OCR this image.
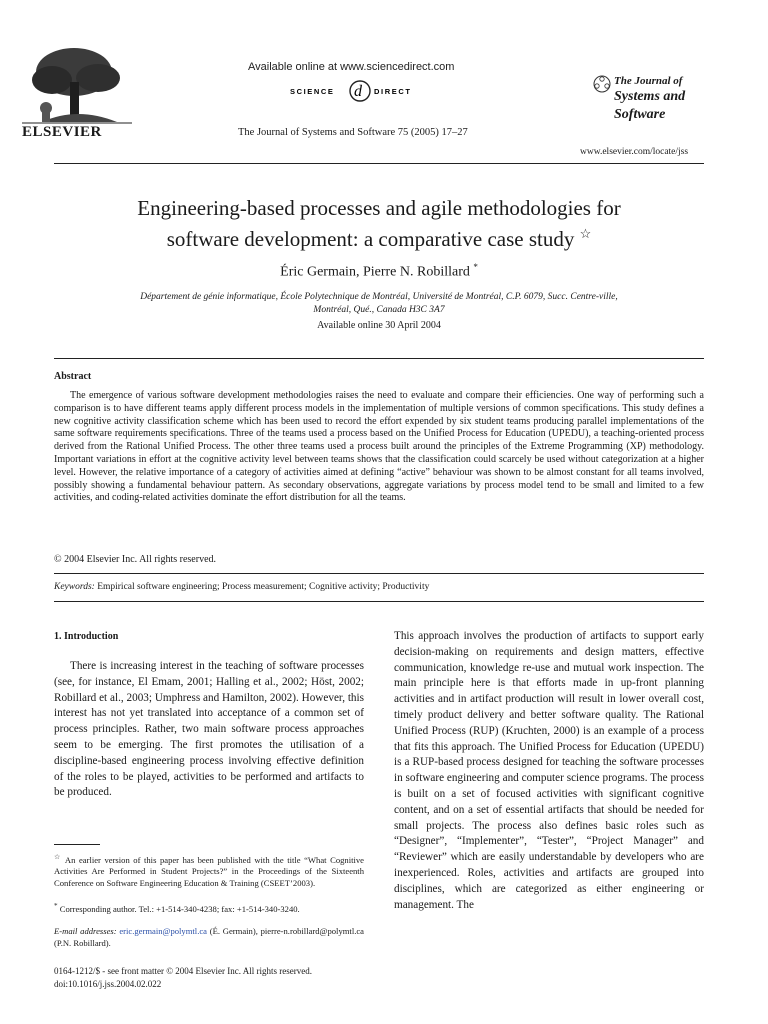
ELSEVIER
Available online at www.sciencedirect.com
SCIENCE d DIRECT
The Journal of Systems and Software 75 (2005) 17–27
The Journal of
Systems and
Software
www.elsevier.com/locate/jss
Engineering-based processes and agile methodologies for
software development: a comparative case study ☆
Éric Germain, Pierre N. Robillard *
Département de génie informatique, École Polytechnique de Montréal, Université de Montréal, C.P. 6079, Succ. Centre-ville,
Montréal, Qué., Canada H3C 3A7
Available online 30 April 2004
Abstract
The emergence of various software development methodologies raises the need to evaluate and compare their efficiencies. One way of performing such a comparison is to have different teams apply different process models in the implementation of multiple versions of common specifications. This study defines a new cognitive activity classification scheme which has been used to record the effort expended by six student teams producing parallel implementations of the same software requirements specifications. Three of the teams used a process based on the Unified Process for Education (UPEDU), a teaching-oriented process derived from the Rational Unified Process. The other three teams used a process built around the principles of the Extreme Programming (XP) methodology. Important variations in effort at the cognitive activity level between teams shows that the classification could scarcely be used without categorization at a higher level. However, the relative importance of a category of activities aimed at defining “active” behaviour was shown to be almost constant for all teams involved, possibly showing a fundamental behaviour pattern. As secondary observations, aggregate variations by process model tend to be small and limited to a few activities, and coding-related activities dominate the effort distribution for all the teams.
© 2004 Elsevier Inc. All rights reserved.
Keywords: Empirical software engineering; Process measurement; Cognitive activity; Productivity
1. Introduction
There is increasing interest in the teaching of software processes (see, for instance, El Emam, 2001; Halling et al., 2002; Höst, 2002; Robillard et al., 2003; Umphress and Hamilton, 2002). However, this interest has not yet translated into acceptance of a common set of process principles. Rather, two main software process approaches seem to be emerging. The first promotes the utilisation of a discipline-based engineering process involving effective definition of the roles to be played, activities to be performed and artifacts to be produced.
This approach involves the production of artifacts to support early decision-making on requirements and design matters, effective communication, knowledge re-use and mutual work inspection. The main principle here is that efforts made in up-front planning activities and in artifact production will result in lower overall cost, timely product delivery and better software quality. The Rational Unified Process (RUP) (Kruchten, 2000) is an example of a process that fits this approach. The Unified Process for Education (UPEDU) is a RUP-based process designed for teaching the software processes in software engineering and computer science programs. The process is built on a set of focused activities with significant cognitive content, and on a set of essential artifacts that should be needed for small projects. The process also defines basic roles such as “Designer”, “Implementer”, “Tester”, “Project Manager” and “Reviewer” which are easily understandable by developers who are inexperienced. Roles, activities and artifacts are grouped into disciplines, which are categorized as either engineering or management. The
☆ An earlier version of this paper has been published with the title “What Cognitive Activities Are Performed in Student Projects?” in the Proceedings of the Sixteenth Conference on Software Engineering Education & Training (CSEET’2003).
* Corresponding author. Tel.: +1-514-340-4238; fax: +1-514-340-3240.
E-mail addresses: eric.germain@polymtl.ca (É. Germain), pierre-n.robillard@polymtl.ca (P.N. Robillard).
0164-1212/$ - see front matter © 2004 Elsevier Inc. All rights reserved.
doi:10.1016/j.jss.2004.02.022
